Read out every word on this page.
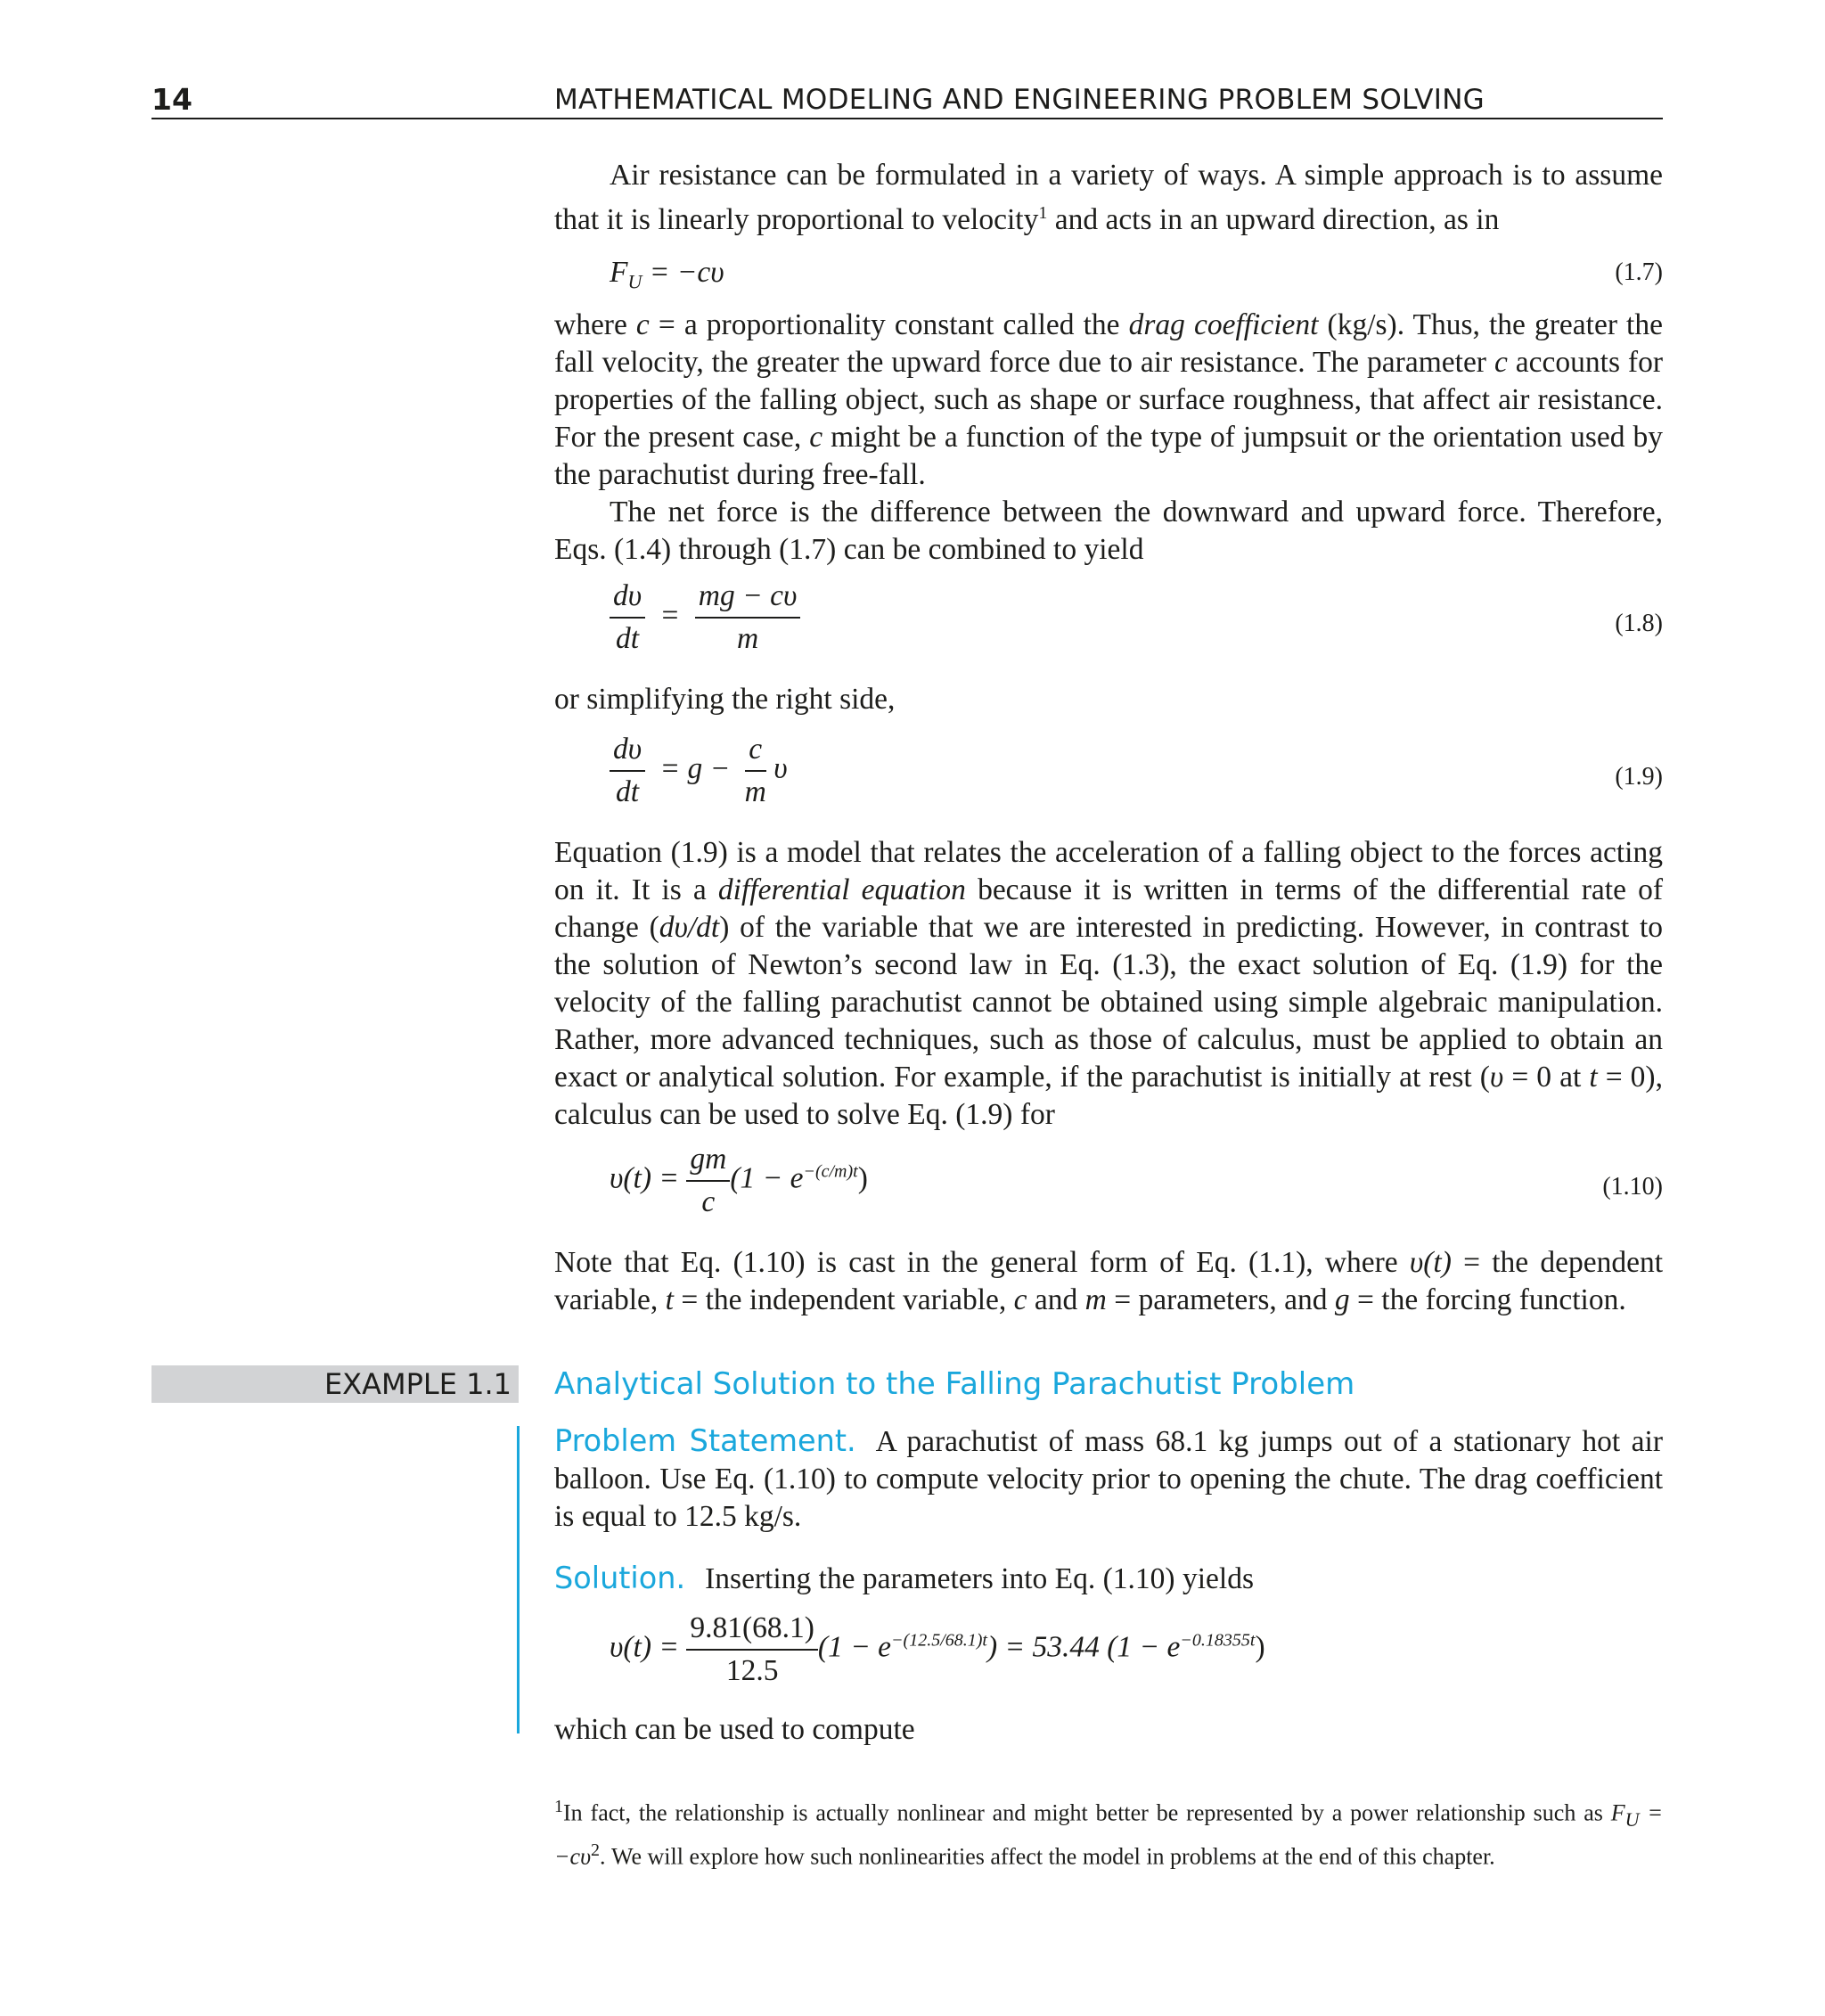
14	MATHEMATICAL MODELING AND ENGINEERING PROBLEM SOLVING

Air resistance can be formulated in a variety of ways. A simple approach is to assume that it is linearly proportional to velocity$^1$ and acts in an upward direction, as in

$F_U = -c\upsilon$	(1.7)

where c = a proportionality constant called the drag coefficient (kg/s). Thus, the greater the fall velocity, the greater the upward force due to air resistance. The parameter c accounts for properties of the falling object, such as shape or surface roughness, that affect air resistance. For the present case, c might be a function of the type of jumpsuit or the orientation used by the parachutist during free-fall.

The net force is the difference between the downward and upward force. Therefore, Eqs. (1.4) through (1.7) can be combined to yield

$\frac{d\upsilon}{dt} = \frac{mg - c\upsilon}{m}$	(1.8)

or simplifying the right side,

$\frac{d\upsilon}{dt} = g - \frac{c}{m}$ υ	(1.9)

Equation (1.9) is a model that relates the acceleration of a falling object to the forces acting on it. It is a differential equation because it is written in terms of the differential rate of change (dυ/dt) of the variable that we are interested in predicting. However, in contrast to the solution of Newton’s second law in Eq. (1.3), the exact solution of Eq. (1.9) for the velocity of the falling parachutist cannot be obtained using simple algebraic manipulation. Rather, more advanced techniques, such as those of calculus, must be applied to obtain an exact or analytical solution. For example, if the parachutist is initially at rest (υ = 0 at t = 0), calculus can be used to solve Eq. (1.9) for

$\upsilon(t) = \frac{gm}{c} (1 - e^{-(c/m)t})$	(1.10)

Note that Eq. (1.10) is cast in the general form of Eq. (1.1), where υ(t) = the dependent variable, t = the independent variable, c and m = parameters, and g = the forcing function.

EXAMPLE 1.1 Analytical Solution to the Falling Parachutist Problem

Problem Statement. A parachutist of mass 68.1 kg jumps out of a stationary hot air balloon. Use Eq. (1.10) to compute velocity prior to opening the chute. The drag coefficient is equal to 12.5 kg/s.

Solution. Inserting the parameters into Eq. (1.10) yields

$\upsilon(t) = \frac{9.81(68.1)}{12.5} (1 - e^{-(12.5/68.1)t}) = 53.44$ $(1 - e^{-0.18355t})$

which can be used to compute

$^1$In fact, the relationship is actually nonlinear and might better be represented by a power relationship such as $F_U = -c\upsilon^2$. We will explore how such nonlinearities affect the model in problems at the end of this chapter.
